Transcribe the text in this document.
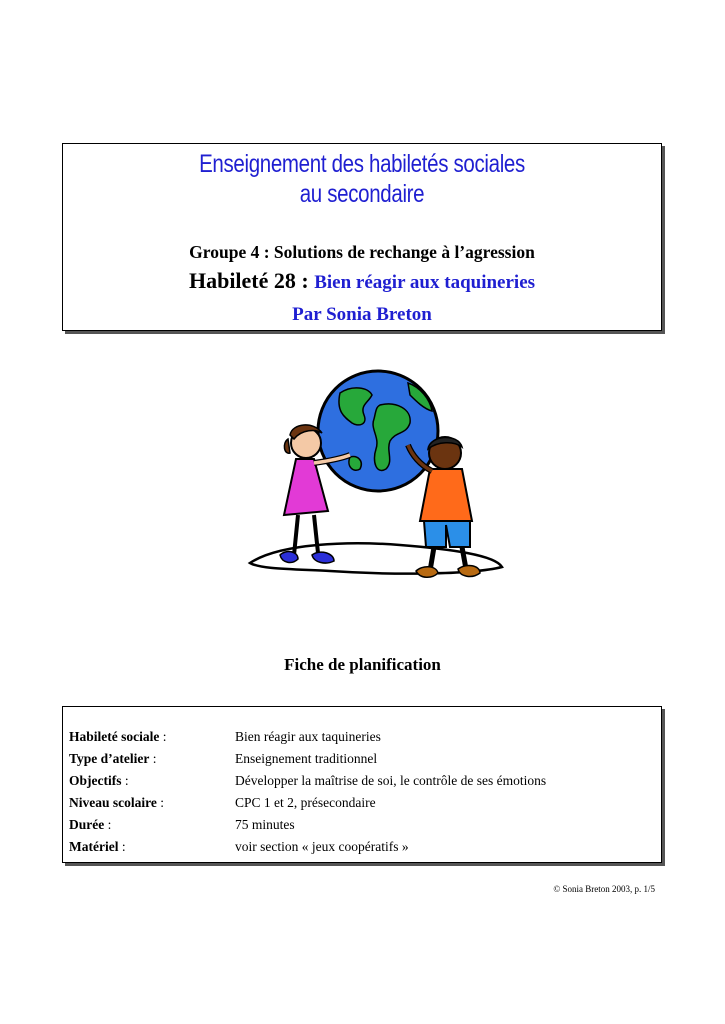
Enseignement des habiletés sociales
au secondaire
Groupe 4 : Solutions de rechange à l’agression
Habileté 28 : Bien réagir aux taquineries
Par Sonia Breton
Fiche de planification
Habileté sociale :	Bien réagir aux taquineries
Type d’atelier :	Enseignement traditionnel
Objectifs :	Développer la maîtrise de soi, le contrôle de ses émotions
Niveau scolaire :	CPC 1 et 2, présecondaire
Durée :	75 minutes
Matériel :	voir section « jeux coopératifs »
© Sonia Breton 2003, p. 1/5
